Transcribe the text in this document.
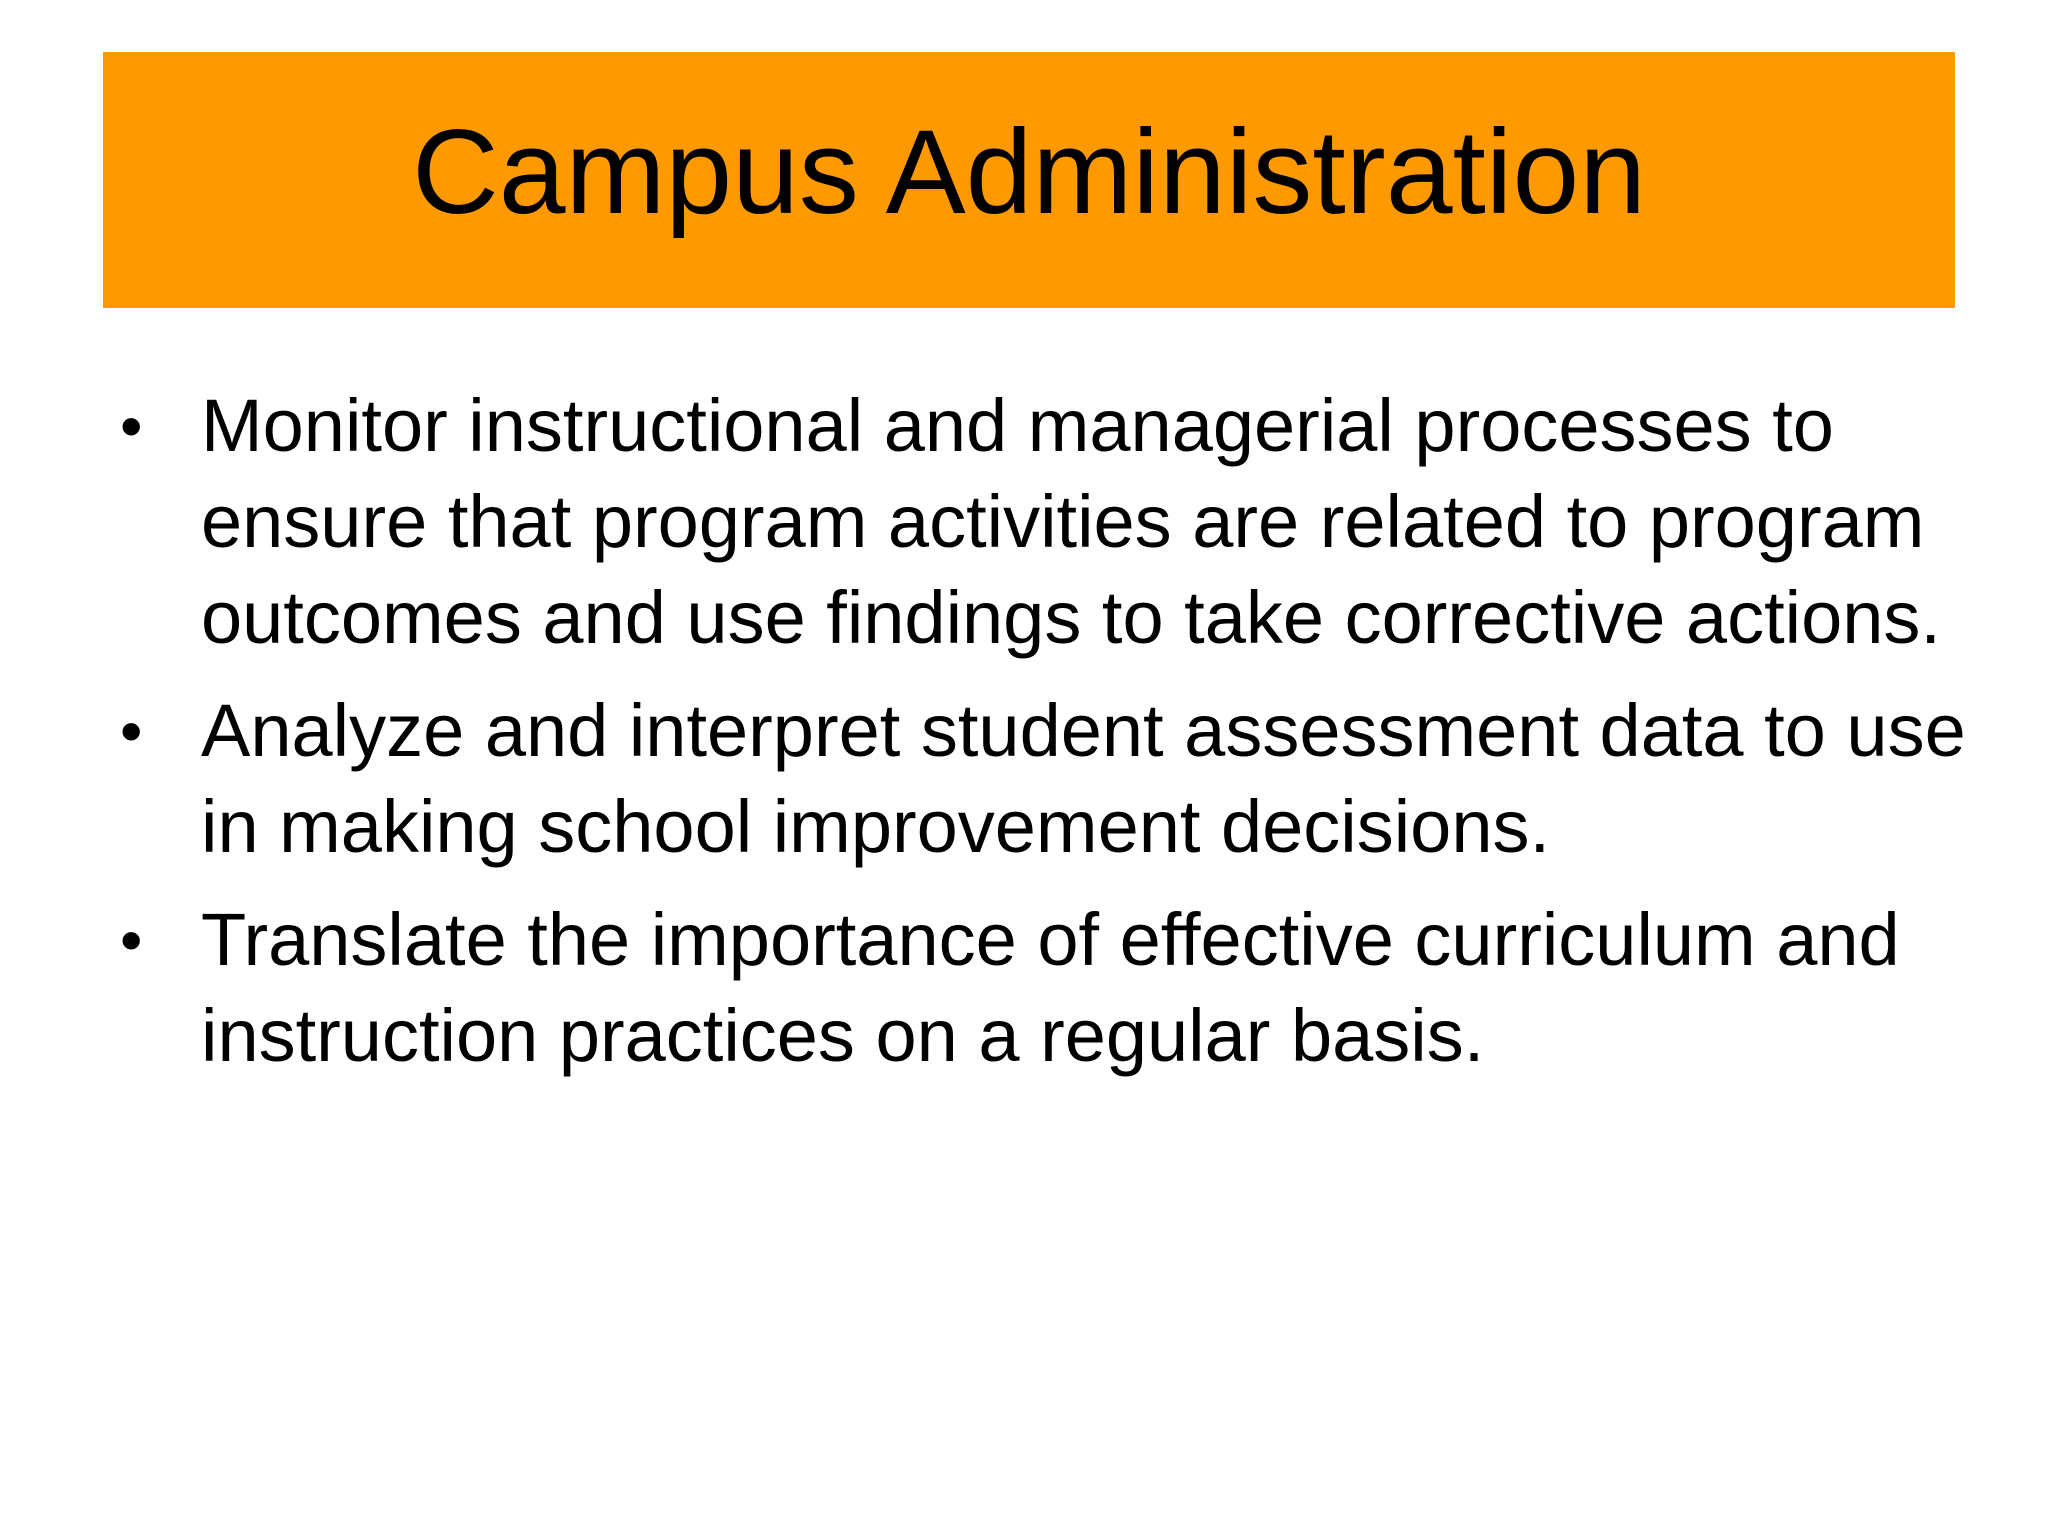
Campus Administration
• Monitor instructional and managerial processes to ensure that program activities are related to program outcomes and use findings to take corrective actions.
• Analyze and interpret student assessment data to use in making school improvement decisions.
• Translate the importance of effective curriculum and instruction practices on a regular basis.
